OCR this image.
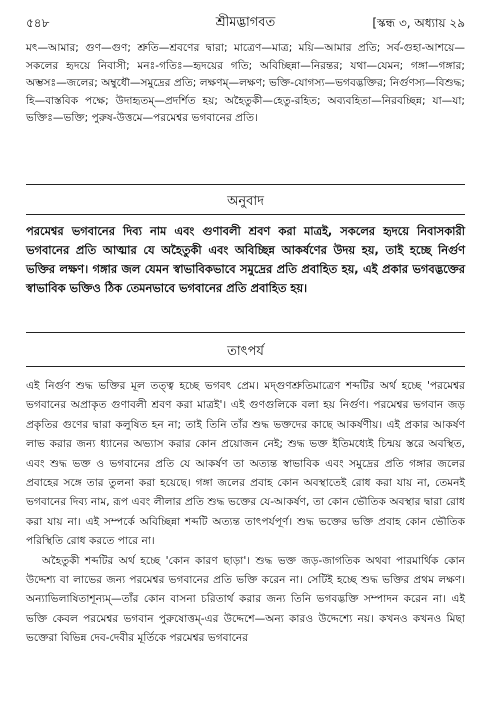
৫৪৮	শ্রীমদ্ভাগবত	[স্কন্ধ ৩, অধ্যায় ২৯

মৎ—আমার; গুণ—গুণ; শ্রুতি—শ্রবণের দ্বারা; মাত্রেণ—মাত্র; ময়ি—আমার প্রতি; সর্ব-গুহা-আশয়ে—সকলের হৃদয়ে নিবাসী; মনঃ-গতিঃ—হৃদয়ের গতি; অবিচ্ছিন্না—নিরন্তর; যথা—যেমন; গঙ্গা—গঙ্গার; অম্ভসঃ—জলের; অম্বুধৌ—সমুদ্রের প্রতি; লক্ষণম্—লক্ষণ; ভক্তি-যোগস্য—ভগবদ্ভক্তির; নির্গুণস্য—বিশুদ্ধ; হি—বাস্তবিক পক্ষে; উদাহৃতম্—প্রদর্শিত হয়; অহৈতুকী—হেতু-রহিত; অব্যবহিতা—নিরবচ্ছিন্ন; যা—যা; ভক্তিঃ—ভক্তি; পুরুষ-উত্তমে—পরমেশ্বর ভগবানের প্রতি।

অনুবাদ

পরমেশ্বর ভগবানের দিব্য নাম এবং গুণাবলী শ্রবণ করা মাত্রই, সকলের হৃদয়ে নিবাসকারী ভগবানের প্রতি আত্মার যে অহৈতুকী এবং অবিচ্ছিন্ন আকর্ষণের উদয় হয়, তাই হচ্ছে নির্গুণ ভক্তির লক্ষণ। গঙ্গার জল যেমন স্বাভাবিকভাবে সমুদ্রের প্রতি প্রবাহিত হয়, এই প্রকার ভগবদ্ভক্তের স্বাভাবিক ভক্তিও ঠিক তেমনভাবে ভগবানের প্রতি প্রবাহিত হয়।

তাৎপর্য

এই নির্গুণ শুদ্ধ ভক্তির মূল তত্ত্ব হচ্ছে ভগবৎ প্রেম। মদ্গুণশ্রুতিমাত্রেণ শব্দটির অর্থ হচ্ছে 'পরমেশ্বর ভগবানের অপ্রাকৃত গুণাবলী শ্রবণ করা মাত্রই'। এই গুণগুলিকে বলা হয় নির্গুণ। পরমেশ্বর ভগবান জড় প্রকৃতির গুণের দ্বারা কলুষিত হন না; তাই তিনি তাঁর শুদ্ধ ভক্তদের কাছে আকর্ষণীয়। এই প্রকার আকর্ষণ লাভ করার জন্য ধ্যানের অভ্যাস করার কোন প্রয়োজন নেই; শুদ্ধ ভক্ত ইতিমধ্যেই চিন্ময় স্তরে অবস্থিত, এবং শুদ্ধ ভক্ত ও ভগবানের প্রতি যে আকর্ষণ তা অত্যন্ত স্বাভাবিক এবং সমুদ্রের প্রতি গঙ্গার জলের প্রবাহের সঙ্গে তার তুলনা করা হয়েছে। গঙ্গা জলের প্রবাহ কোন অবস্থাতেই রোধ করা যায় না, তেমনই ভগবানের দিব্য নাম, রূপ এবং লীলার প্রতি শুদ্ধ ভক্তের যে-আকর্ষণ, তা কোন ভৌতিক অবস্থার দ্বারা রোধ করা যায় না। এই সম্পর্কে অবিচ্ছিন্না শব্দটি অত্যন্ত তাৎপর্যপূর্ণ। শুদ্ধ ভক্তের ভক্তি প্রবাহ কোন ভৌতিক পরিস্থিতি রোধ করতে পারে না।

অহৈতুকী শব্দটির অর্থ হচ্ছে 'কোন কারণ ছাড়া'। শুদ্ধ ভক্ত জড়-জাগতিক অথবা পারমার্থিক কোন উদ্দেশ্য বা লাভের জন্য পরমেশ্বর ভগবানের প্রতি ভক্তি করেন না। সেটিই হচ্ছে শুদ্ধ ভক্তির প্রথম লক্ষণ। অন্যাভিলাষিতাশূন্যম্—তাঁর কোন বাসনা চরিতার্থ করার জন্য তিনি ভগবদ্ভক্তি সম্পাদন করেন না। এই ভক্তি কেবল পরমেশ্বর ভগবান পুরুষোত্তম্-এর উদ্দেশে—অন্য কারও উদ্দেশ্যে নয়। কখনও কখনও মিছা ভক্তেরা বিভিন্ন দেব-দেবীর মূর্তিকে পরমেশ্বর ভগবানের
